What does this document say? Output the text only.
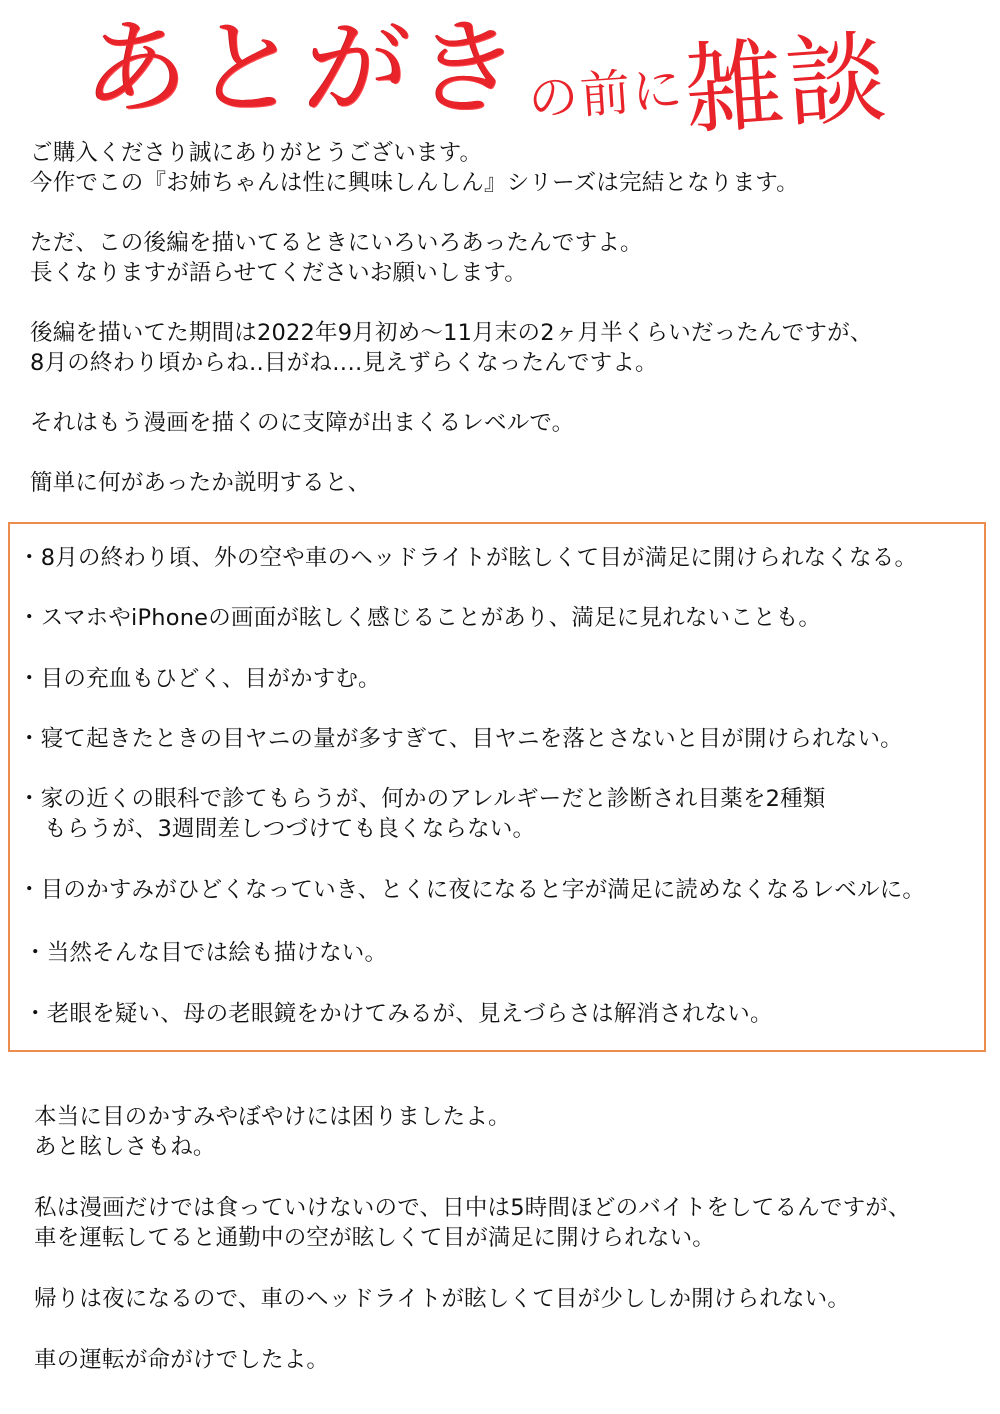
あとがき
の前に雑談
ご購入くださり誠にありがとうございます。
今作でこの『お姉ちゃんは性に興味しんしん』シリーズは完結となります。
ただ、この後編を描いてるときにいろいろあったんですよ。
長くなりますが語らせてくださいお願いします。
後編を描いてた期間は2022年9月初め〜11月末の2ヶ月半くらいだったんですが、
8月の終わり頃からね‥目がね‥‥見えずらくなったんですよ。
それはもう漫画を描くのに支障が出まくるレベルで。
簡単に何があったか説明すると、
・8月の終わり頃、外の空や車のヘッドライトが眩しくて目が満足に開けられなくなる。
・スマホやiPhoneの画面が眩しく感じることがあり、満足に見れないことも。
・目の充血もひどく、目がかすむ。
・寝て起きたときの目ヤニの量が多すぎて、目ヤニを落とさないと目が開けられない。
・家の近くの眼科で診てもらうが、何かのアレルギーだと診断され目薬を2種類
もらうが、3週間差しつづけても良くならない。
・目のかすみがひどくなっていき、とくに夜になると字が満足に読めなくなるレベルに。
・当然そんな目では絵も描けない。
・老眼を疑い、母の老眼鏡をかけてみるが、見えづらさは解消されない。
本当に目のかすみやぼやけには困りましたよ。
あと眩しさもね。
私は漫画だけでは食っていけないので、日中は5時間ほどのバイトをしてるんですが、
車を運転してると通勤中の空が眩しくて目が満足に開けられない。
帰りは夜になるので、車のヘッドライトが眩しくて目が少ししか開けられない。
車の運転が命がけでしたよ。
